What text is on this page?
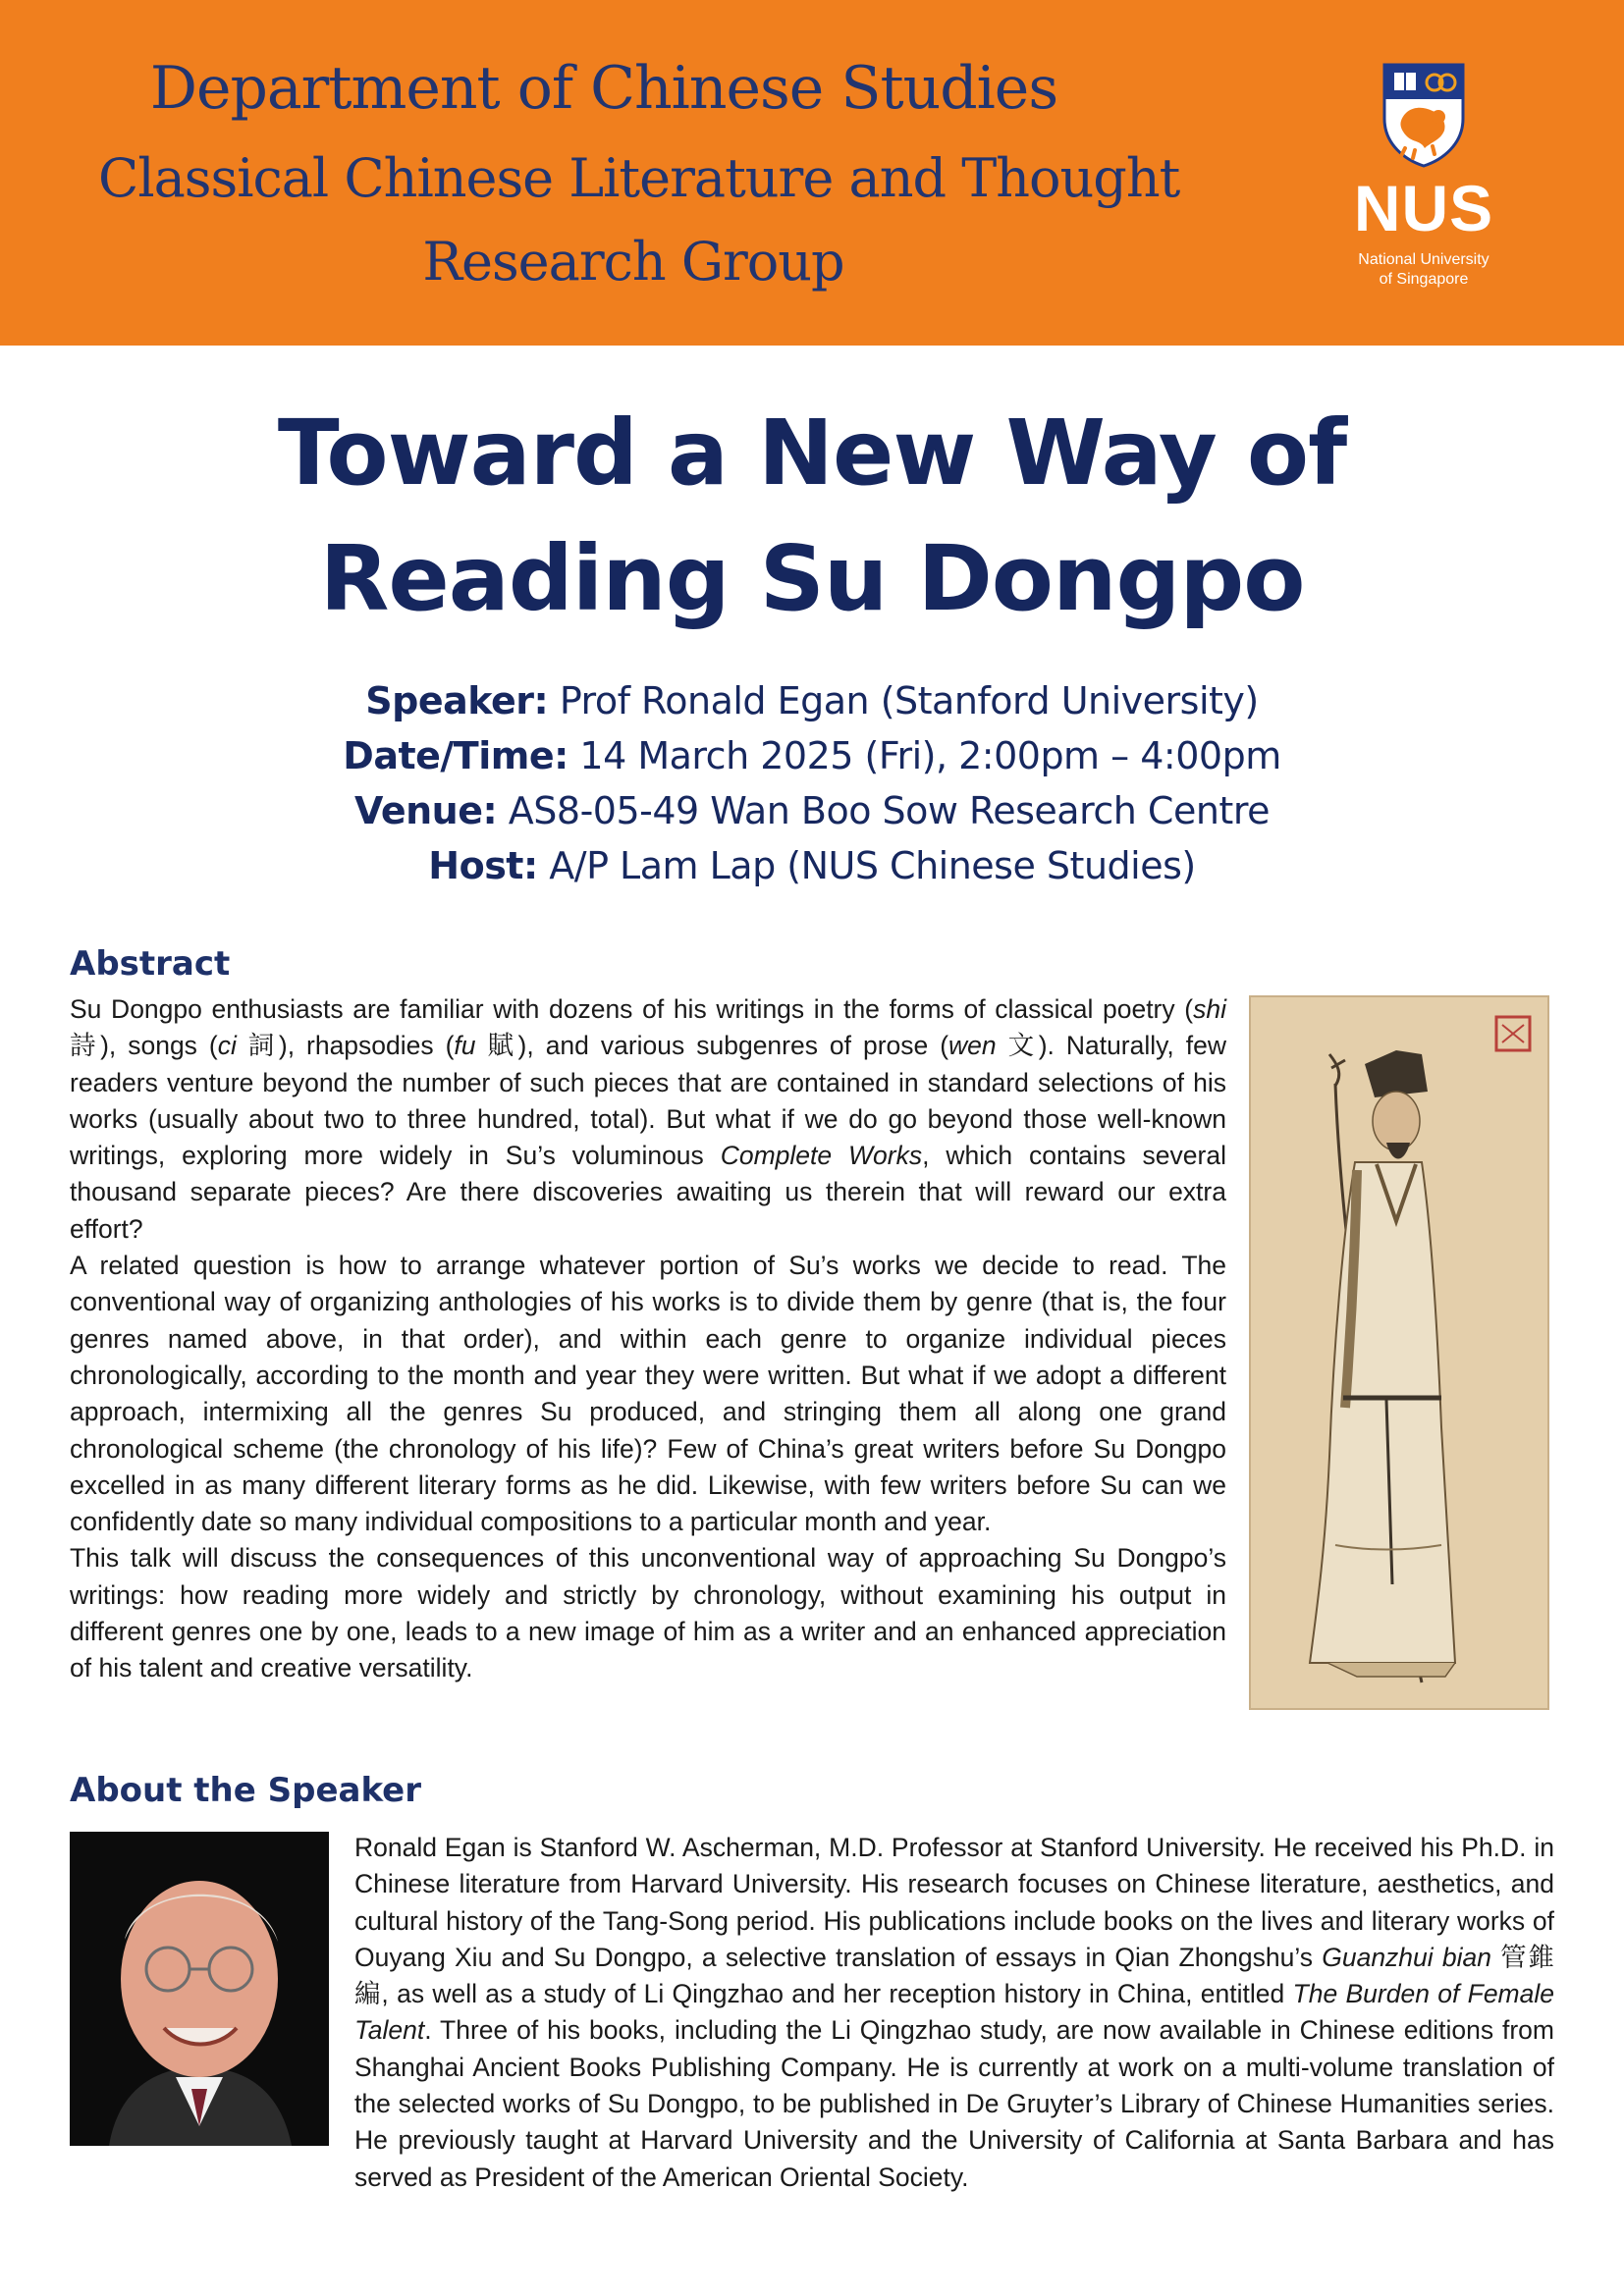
Department of Chinese Studies
Classical Chinese Literature and Thought
Research Group
NUS
National University
of Singapore
Toward a New Way of
Reading Su Dongpo
Speaker: Prof Ronald Egan (Stanford University)
Date/Time: 14 March 2025 (Fri), 2:00pm – 4:00pm
Venue: AS8-05-49 Wan Boo Sow Research Centre
Host: A/P Lam Lap (NUS Chinese Studies)
Abstract

Su Dongpo enthusiasts are familiar with dozens of his writings in the forms of classical poetry (shi 詩), songs (ci 詞), rhapsodies (fu 賦), and various subgenres of prose (wen 文). Naturally, few readers venture beyond the number of such pieces that are contained in standard selections of his works (usually about two to three hundred, total). But what if we do go beyond those well-known writings, exploring more widely in Su’s voluminous Complete Works, which contains several thousand separate pieces? Are there discoveries awaiting us therein that will reward our extra effort?

A related question is how to arrange whatever portion of Su’s works we decide to read. The conventional way of organizing anthologies of his works is to divide them by genre (that is, the four genres named above, in that order), and within each genre to organize individual pieces chronologically, according to the month and year they were written. But what if we adopt a different approach, intermixing all the genres Su produced, and stringing them all along one grand chronological scheme (the chronology of his life)? Few of China’s great writers before Su Dongpo excelled in as many different literary forms as he did. Likewise, with few writers before Su can we confidently date so many individual compositions to a particular month and year.

This talk will discuss the consequences of this unconventional way of approaching Su Dongpo’s writings: how reading more widely and strictly by chronology, without examining his output in different genres one by one, leads to a new image of him as a writer and an enhanced appreciation of his talent and creative versatility.

About the Speaker
Ronald Egan is Stanford W. Ascherman, M.D. Professor at Stanford University. He received his Ph.D. in Chinese literature from Harvard University. His research focuses on Chinese literature, aesthetics, and cultural history of the Tang-Song period. His publications include books on the lives and literary works of Ouyang Xiu and Su Dongpo, a selective translation of essays in Qian Zhongshu’s Guanzhui bian 管錐編, as well as a study of Li Qingzhao and her reception history in China, entitled The Burden of Female Talent. Three of his books, including the Li Qingzhao study, are now available in Chinese editions from Shanghai Ancient Books Publishing Company. He is currently at work on a multi-volume translation of the selected works of Su Dongpo, to be published in De Gruyter’s Library of Chinese Humanities series. He previously taught at Harvard University and the University of California at Santa Barbara and has served as President of the American Oriental Society.
